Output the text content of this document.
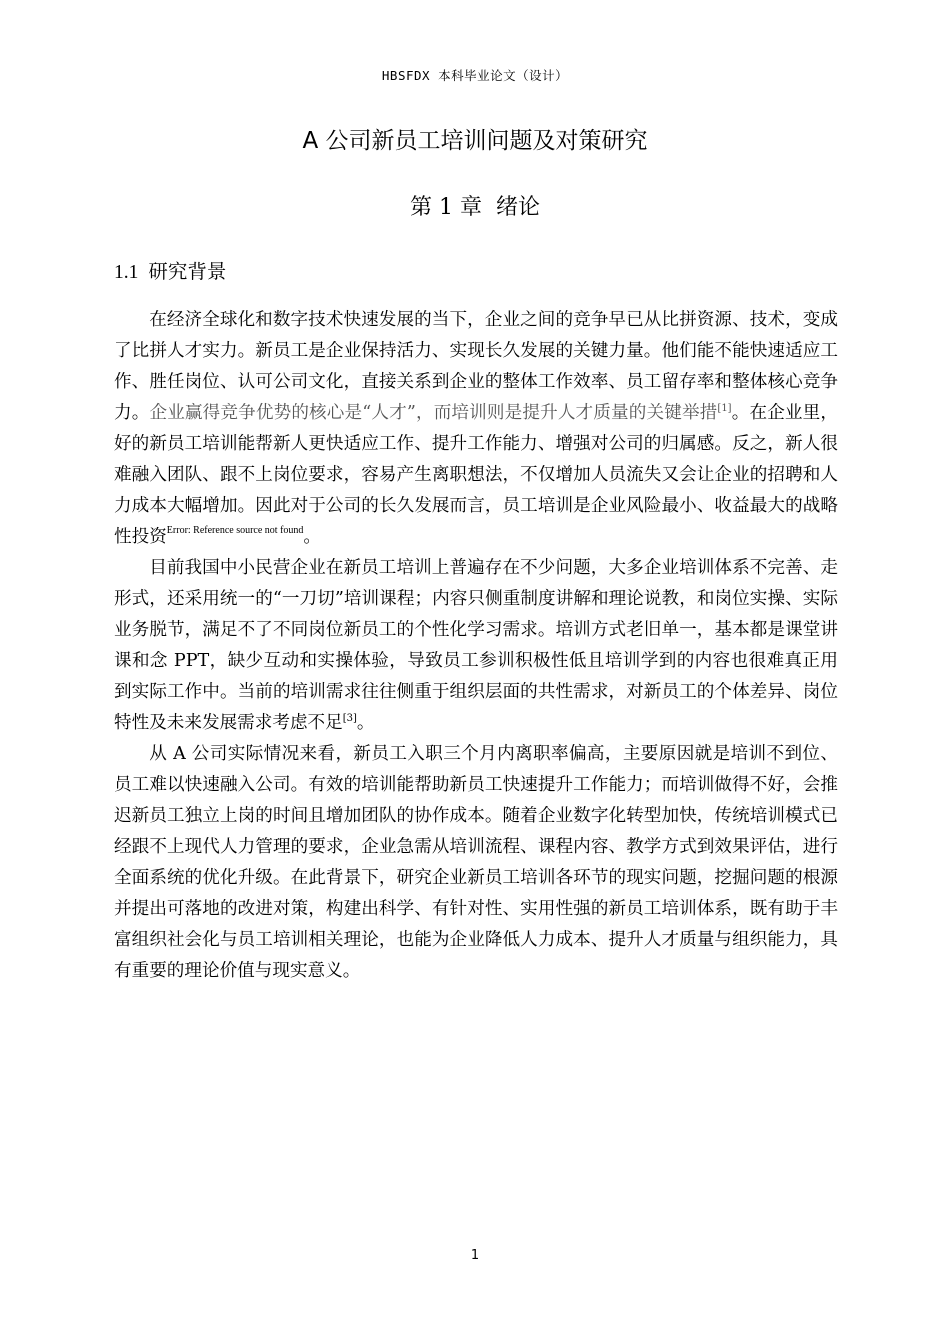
HBSFDX 本科毕业论文（设计）
A 公司新员工培训问题及对策研究
第 1 章 绪论
1.1 研究背景

在经济全球化和数字技术快速发展的当下，企业之间的竞争早已从比拼资源、技术，变成了比拼人才实力。新员工是企业保持活力、实现长久发展的关键力量。他们能不能快速适应工作、胜任岗位、认可公司文化，直接关系到企业的整体工作效率、员工留存率和整体核心竞争力。企业赢得竞争优势的核心是“人才”，而培训则是提升人才质量的关键举措[1]。在企业里，好的新员工培训能帮新人更快适应工作、提升工作能力、增强对公司的归属感。反之，新人很难融入团队、跟不上岗位要求，容易产生离职想法，不仅增加人员流失又会让企业的招聘和人力成本大幅增加。因此对于公司的长久发展而言，员工培训是企业风险最小、收益最大的战略性投资$^{Error: Reference source not found}$。

目前我国中小民营企业在新员工培训上普遍存在不少问题，大多企业培训体系不完善、走形式，还采用统一的“一刀切”培训课程；内容只侧重制度讲解和理论说教，和岗位实操、实际业务脱节，满足不了不同岗位新员工的个性化学习需求。培训方式老旧单一，基本都是课堂讲课和念 PPT，缺少互动和实操体验，导致员工参训积极性低且培训学到的内容也很难真正用到实际工作中。当前的培训需求往往侧重于组织层面的共性需求，对新员工的个体差异、岗位特性及未来发展需求考虑不足[3]。

从 A 公司实际情况来看，新员工入职三个月内离职率偏高，主要原因就是培训不到位、员工难以快速融入公司。有效的培训能帮助新员工快速提升工作能力；而培训做得不好，会推迟新员工独立上岗的时间且增加团队的协作成本。随着企业数字化转型加快，传统培训模式已经跟不上现代人力管理的要求，企业急需从培训流程、课程内容、教学方式到效果评估，进行全面系统的优化升级。在此背景下，研究企业新员工培训各环节的现实问题，挖掘问题的根源并提出可落地的改进对策，构建出科学、有针对性、实用性强的新员工培训体系，既有助于丰富组织社会化与员工培训相关理论，也能为企业降低人力成本、提升人才质量与组织能力，具有重要的理论价值与现实意义。

1
